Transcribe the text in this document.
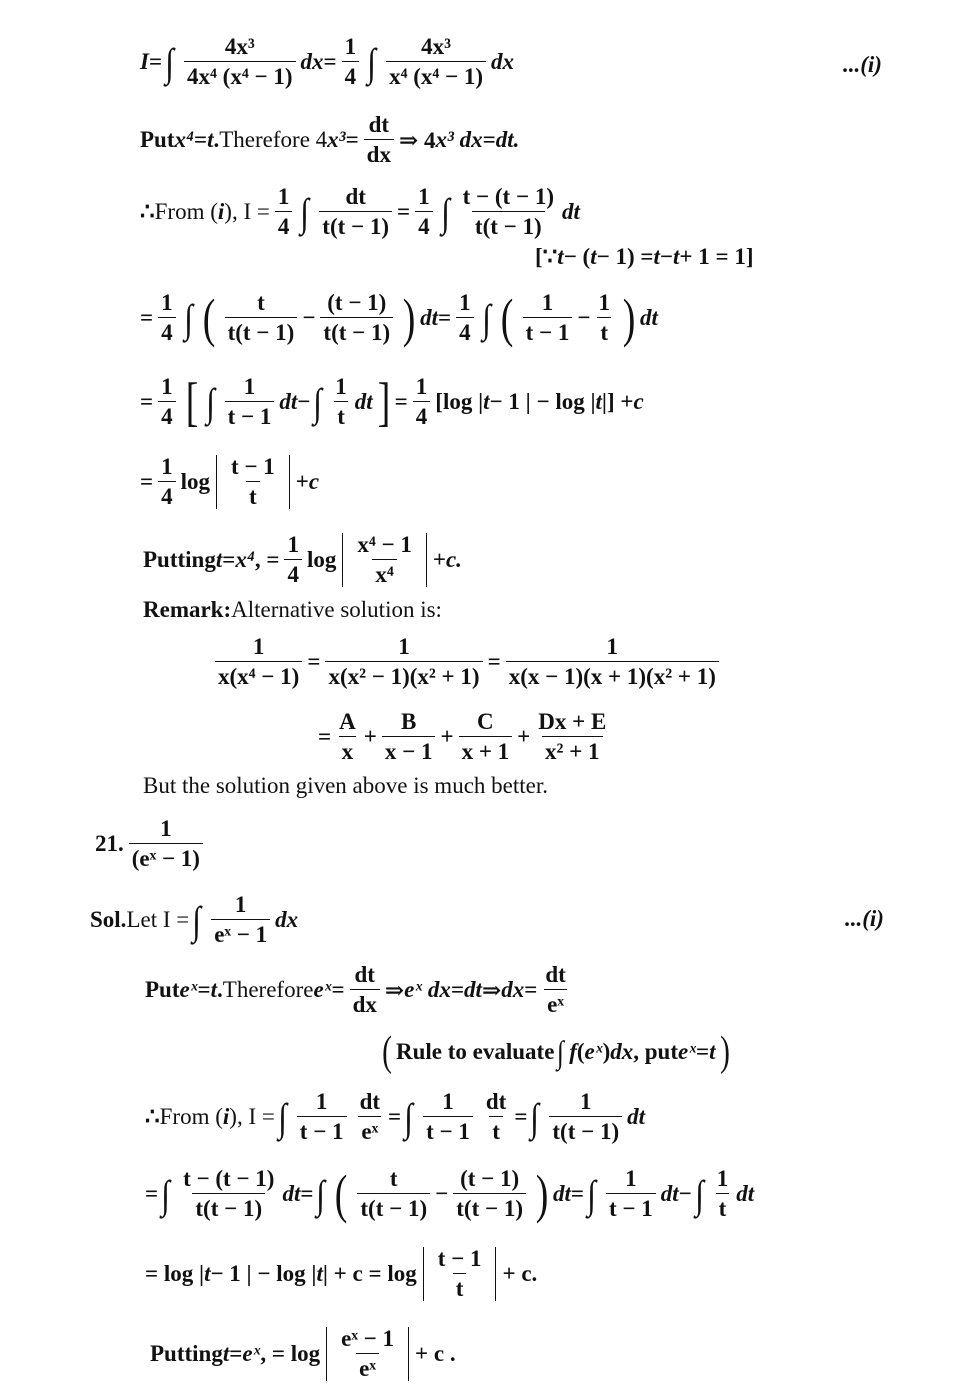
I = ∫ $\frac{\text{4x³}}{\text{4x⁴ (x⁴ − 1)}}$ dx = $\frac{1}{4}$ ∫ $\frac{\text{4x³}}{\text{x⁴ (x⁴ − 1)}}$ dx	...(i)
Put x⁴ = t . Therefore 4 $x^3 = \frac{dt}{dx}$ ⇒ 4 x³ dx = dt.
∴ From ( i ), $I = \frac{1}{4}$ ∫ $\frac{dt}{t(t - 1)} = \frac{1}{4}$ ∫ $\frac{t - (t - 1)}{t(t - 1)}$ dt
[∵ t − ( t − 1) = t − t + 1 = 1]
= $\frac{1}{4}$ ∫ ( $\frac{t}{t(t - 1)} - \frac{(t - 1)}{t(t - 1)}$ ) dt = $\frac{1}{4}$ ∫ ( $\frac{1}{t - 1} - \frac{1}{t}$ ) dt
= $\frac{1}{4}$ [ ∫ $\frac{1}{t - 1}$ dt − ∫ $\frac{1}{t}$ dt ] = $\frac{1}{4} [\log$ | t − 1 | − log | t |] + c
= $\frac{1}{4}$ $\log \frac{t - 1}{t} + c$
Putting t = x⁴ , = $\frac{1}{4}$ $\log \frac{\text{x⁴ − 1}}{\text{x⁴}} + c$.
Remark: Alternative solution is:
$\frac{1}{\text{x(x⁴ − 1)}} = \frac{1}{\text{x(x² − 1)(x² + 1)}} = \frac{1}{\text{x(x − 1)(x + 1)(x² + 1)}}$
= $\frac{A}{x} + \frac{B}{x - 1} + \frac{C}{x + 1} + \frac{Dx + E}{\text{x² + 1}}$
But the solution given above is much better.
21. $\frac{1}{\text{(eˣ − 1)}}$
Sol. Let I = ∫ $\frac{1}{\text{eˣ − 1}}$ dx	...(i)
Put eˣ = t . Therefore eˣ = $\frac{dt}{dx}$ ⇒ eˣ dx = dt ⇒ dx = $\frac{dt}{\text{eˣ}}$
( Rule to evaluate ∫ f ( eˣ ) dx , put eˣ = t )
∴ From ( i ), I = ∫ $\frac{1}{t - 1} \frac{dt}{\text{eˣ}}$ = ∫ $\frac{1}{t - 1} \frac{dt}{t}$ = ∫ $\frac{1}{t(t - 1)}$ dt
= ∫ $\frac{t - (t - 1)}{t(t - 1)}$ dt = ∫ ( $\frac{t}{t(t - 1)} - \frac{(t - 1)}{t(t - 1)}$ ) dt = ∫ $\frac{1}{t - 1}$ dt − ∫ $\frac{1}{t}$ dt
= log | t − 1 | − log | t | + $c = \log \frac{t - 1}{t} + c$.
Putting t = eˣ , = $\log \frac{\text{eˣ − 1}}{\text{eˣ}} + c$ .
